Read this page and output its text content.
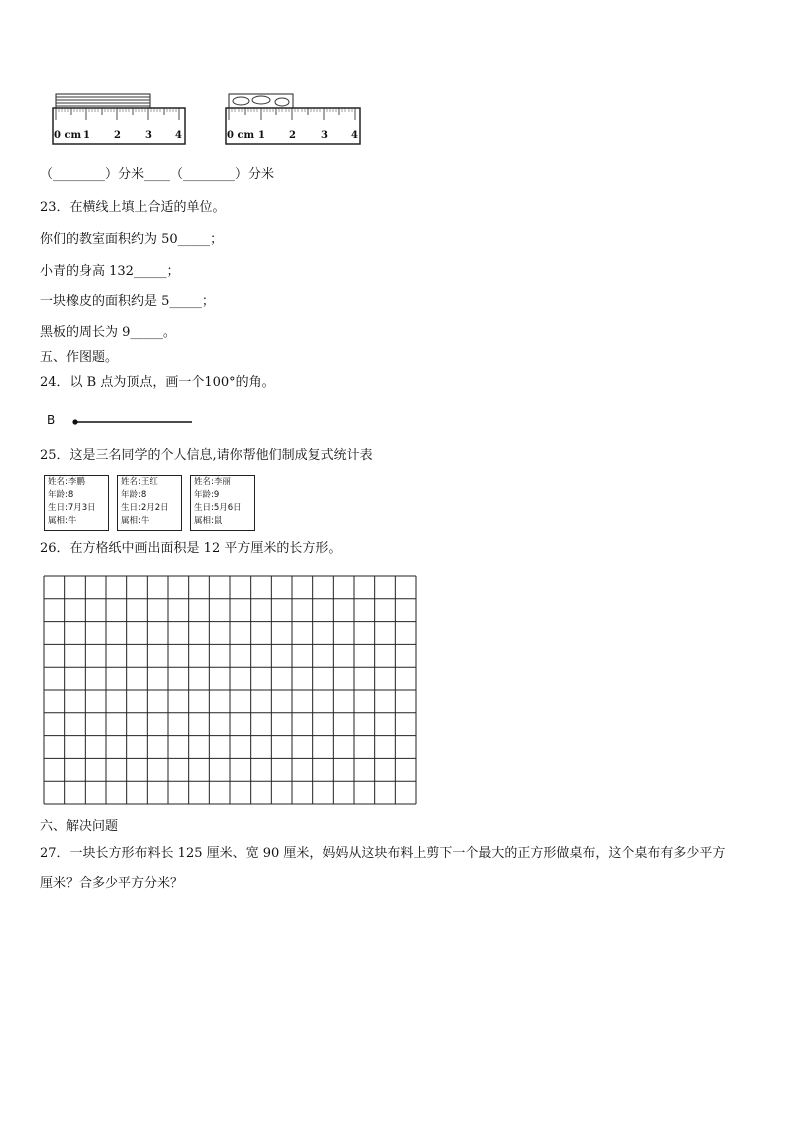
0 cm 1 2 3 4	0 cm 1 2	3 4
（________）分米____（________）分米
23．在横线上填上合适的单位。
你们的教室面积约为 50_____；
小青的身高 132_____；
一块橡皮的面积约是 5_____；
黑板的周长为 9_____。
五、作图题。
24．以 B 点为顶点，画一个100°的角。
B
25．这是三名同学的个人信息,请你帮他们制成复式统计表
姓名:李鹏
年龄:8
生日:7月3日
属相:牛
姓名:王红
年龄:8
生日:2月2日
属相:牛
姓名:李丽
年龄:9
生日:5月6日
属相:鼠
26．在方格纸中画出面积是 12 平方厘米的长方形。
六、解决问题
27．一块长方形布料长 125 厘米、宽 90 厘米，妈妈从这块布料上剪下一个最大的正方形做桌布，这个桌布有多少平方
厘米？合多少平方分米？
